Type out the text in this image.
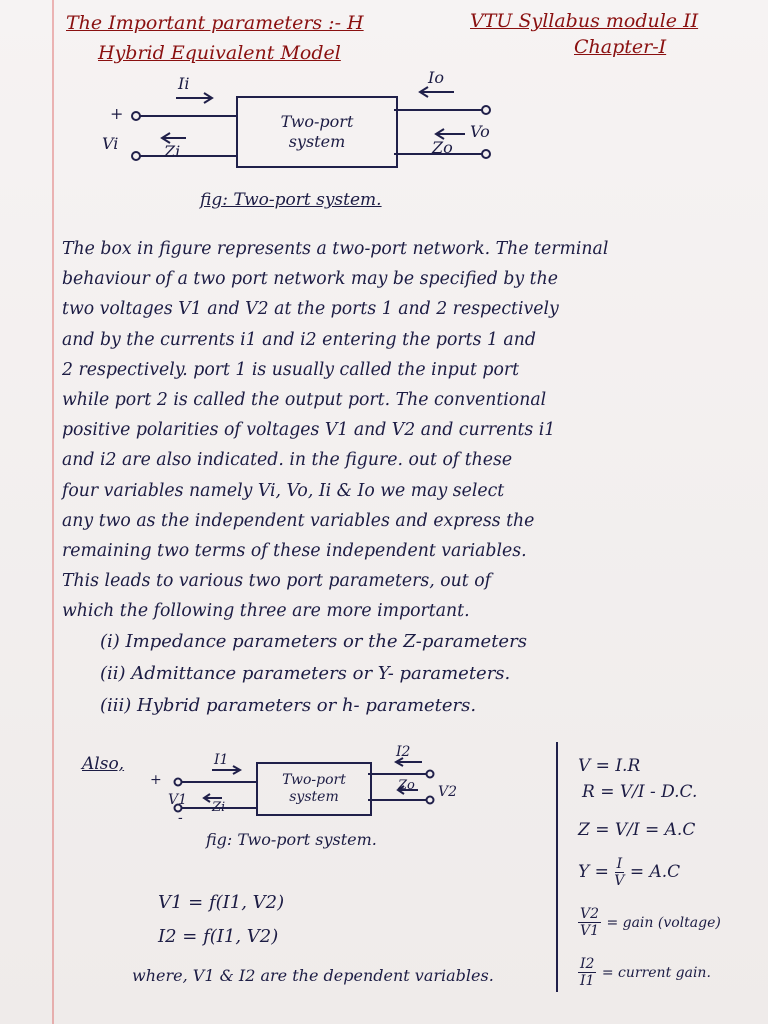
The Important parameters :- H
Hybrid Equivalent Model
VTU Syllabus module II
Chapter-I
Two-port
system
Ii	Io
+
Vi	Zi
Vo
Zo
fig: Two-port system.
The box in figure represents a two-port network. The terminal
behaviour of a two port network may be specified by the
two voltages V1 and V2 at the ports 1 and 2 respectively
and by the currents i1 and i2 entering the ports 1 and
2 respectively. port 1 is usually called the input port
while port 2 is called the output port. The conventional
positive polarities of voltages V1 and V2 and currents i1
and i2 are also indicated. in the figure. out of these
four variables namely Vi, Vo, Ii & Io we may select
any two as the independent variables and express the
remaining two terms of these independent variables.
This leads to various two port parameters, out of
which the following three are more important.
(i) Impedance parameters or the Z-parameters
(ii) Admittance parameters or Y- parameters.
(iii) Hybrid parameters or h- parameters.
Also,
Two-port
system
+
I1	I2
V1
-
Zi
Zo V2
fig: Two-port system.
V1 = f(I1, V2)
I2 = f(I1, V2)
where, V1 & I2 are the dependent variables.
V = I.R
R = V/I - D.C.
Z = V/I = A.C
$Y = \frac{I}{V} = A.C$
$\frac{V2}{V1}$ = gain (voltage)
$\frac{I2}{I1}$ = current gain.
